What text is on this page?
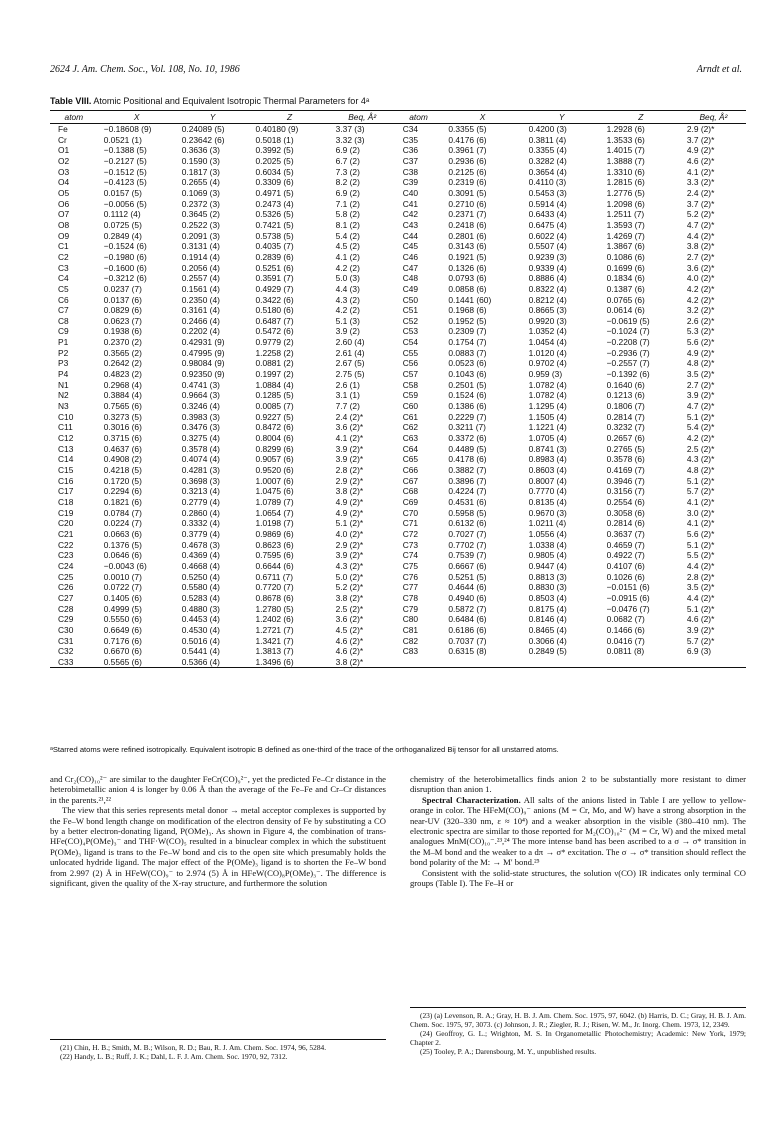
2624 J. Am. Chem. Soc., Vol. 108, No. 10, 1986	Arndt et al.
Table VIII. Atomic Positional and Equivalent Isotropic Thermal Parameters for 4ᵃ
atom	X	Y	Z	Beq, Å²	atom	X	Y	Z	Beq, Å²
Fe	−0.18608 (9)	0.24089 (5)	0.40180 (9)	3.37 (3)	C34	0.3355 (5)	0.4200 (3)	1.2928 (6)	2.9 (2)*
Cr	0.0521 (1)	0.23642 (6)	0.5018 (1)	3.32 (3)	C35	0.4176 (6)	0.3811 (4)	1.3533 (6)	3.7 (2)*
O1	−0.1388 (5)	0.3636 (3)	0.3992 (5)	6.9 (2)	C36	0.3961 (7)	0.3355 (4)	1.4015 (7)	4.9 (2)*
O2	−0.2127 (5)	0.1590 (3)	0.2025 (5)	6.7 (2)	C37	0.2936 (6)	0.3282 (4)	1.3888 (7)	4.6 (2)*
O3	−0.1512 (5)	0.1817 (3)	0.6034 (5)	7.3 (2)	C38	0.2125 (6)	0.3654 (4)	1.3310 (6)	4.1 (2)*
O4	−0.4123 (5)	0.2655 (4)	0.3309 (6)	8.2 (2)	C39	0.2319 (6)	0.4110 (3)	1.2815 (6)	3.3 (2)*
O5	0.0157 (5)	0.1069 (3)	0.4971 (5)	6.9 (2)	C40	0.3091 (5)	0.5453 (3)	1.2776 (5)	2.4 (2)*
O6	−0.0056 (5)	0.2372 (3)	0.2473 (4)	7.1 (2)	C41	0.2710 (6)	0.5914 (4)	1.2098 (6)	3.7 (2)*
O7	0.1112 (4)	0.3645 (2)	0.5326 (5)	5.8 (2)	C42	0.2371 (7)	0.6433 (4)	1.2511 (7)	5.2 (2)*
O8	0.0725 (5)	0.2522 (3)	0.7421 (5)	8.1 (2)	C43	0.2418 (6)	0.6475 (4)	1.3593 (7)	4.7 (2)*
O9	0.2849 (4)	0.2091 (3)	0.5738 (5)	5.4 (2)	C44	0.2801 (6)	0.6022 (4)	1.4269 (7)	4.4 (2)*
C1	−0.1524 (6)	0.3131 (4)	0.4035 (7)	4.5 (2)	C45	0.3143 (6)	0.5507 (4)	1.3867 (6)	3.8 (2)*
C2	−0.1980 (6)	0.1914 (4)	0.2839 (6)	4.1 (2)	C46	0.1921 (5)	0.9239 (3)	0.1086 (6)	2.7 (2)*
C3	−0.1600 (6)	0.2056 (4)	0.5251 (6)	4.2 (2)	C47	0.1326 (6)	0.9339 (4)	0.1699 (6)	3.6 (2)*
C4	−0.3212 (6)	0.2557 (4)	0.3591 (7)	5.0 (3)	C48	0.0793 (6)	0.8886 (4)	0.1834 (6)	4.0 (2)*
C5	0.0237 (7)	0.1561 (4)	0.4929 (7)	4.4 (3)	C49	0.0858 (6)	0.8322 (4)	0.1387 (6)	4.2 (2)*
C6	0.0137 (6)	0.2350 (4)	0.3422 (6)	4.3 (2)	C50	0.1441 (60)	0.8212 (4)	0.0765 (6)	4.2 (2)*
C7	0.0829 (6)	0.3161 (4)	0.5180 (6)	4.2 (2)	C51	0.1968 (6)	0.8665 (3)	0.0614 (6)	3.2 (2)*
C8	0.0623 (7)	0.2466 (4)	0.6487 (7)	5.1 (3)	C52	0.1952 (5)	0.9920 (3)	−0.0619 (5)	2.6 (2)*
C9	0.1938 (6)	0.2202 (4)	0.5472 (6)	3.9 (2)	C53	0.2309 (7)	1.0352 (4)	−0.1024 (7)	5.3 (2)*
P1	0.2370 (2)	0.42931 (9)	0.9779 (2)	2.60 (4)	C54	0.1754 (7)	1.0454 (4)	−0.2208 (7)	5.6 (2)*
P2	0.3565 (2)	0.47995 (9)	1.2258 (2)	2.61 (4)	C55	0.0883 (7)	1.0120 (4)	−0.2936 (7)	4.9 (2)*
P3	0.2642 (2)	0.98084 (9)	0.0881 (2)	2.67 (5)	C56	0.0523 (6)	0.9702 (4)	−0.2557 (7)	4.8 (2)*
P4	0.4823 (2)	0.92350 (9)	0.1997 (2)	2.75 (5)	C57	0.1043 (6)	0.959 (3)	−0.1392 (6)	3.5 (2)*
N1	0.2968 (4)	0.4741 (3)	1.0884 (4)	2.6 (1)	C58	0.2501 (5)	1.0782 (4)	0.1640 (6)	2.7 (2)*
N2	0.3884 (4)	0.9664 (3)	0.1285 (5)	3.1 (1)	C59	0.1524 (6)	1.0782 (4)	0.1213 (6)	3.9 (2)*
N3	0.7565 (6)	0.3246 (4)	0.0085 (7)	7.7 (2)	C60	0.1386 (6)	1.1295 (4)	0.1806 (7)	4.7 (2)*
C10	0.3273 (5)	0.3983 (3)	0.9227 (5)	2.4 (2)*	C61	0.2229 (7)	1.1505 (4)	0.2814 (7)	5.1 (2)*
C11	0.3016 (6)	0.3476 (3)	0.8472 (6)	3.6 (2)*	C62	0.3211 (7)	1.1221 (4)	0.3232 (7)	5.4 (2)*
C12	0.3715 (6)	0.3275 (4)	0.8004 (6)	4.1 (2)*	C63	0.3372 (6)	1.0705 (4)	0.2657 (6)	4.2 (2)*
C13	0.4637 (6)	0.3578 (4)	0.8299 (6)	3.9 (2)*	C64	0.4489 (5)	0.8741 (3)	0.2765 (5)	2.5 (2)*
C14	0.4908 (2)	0.4074 (4)	0.9057 (6)	3.9 (2)*	C65	0.4178 (6)	0.8983 (4)	0.3578 (6)	4.3 (2)*
C15	0.4218 (5)	0.4281 (3)	0.9520 (6)	2.8 (2)*	C66	0.3882 (7)	0.8603 (4)	0.4169 (7)	4.8 (2)*
C16	0.1720 (5)	0.3698 (3)	1.0007 (6)	2.9 (2)*	C67	0.3896 (7)	0.8007 (4)	0.3946 (7)	5.1 (2)*
C17	0.2294 (6)	0.3213 (4)	1.0475 (6)	3.8 (2)*	C68	0.4224 (7)	0.7770 (4)	0.3156 (7)	5.7 (2)*
C18	0.1821 (6)	0.2779 (4)	1.0789 (7)	4.9 (2)*	C69	0.4531 (6)	0.8135 (4)	0.2554 (6)	4.1 (2)*
C19	0.0784 (7)	0.2860 (4)	1.0654 (7)	4.9 (2)*	C70	0.5958 (5)	0.9670 (3)	0.3058 (6)	3.0 (2)*
C20	0.0224 (7)	0.3332 (4)	1.0198 (7)	5.1 (2)*	C71	0.6132 (6)	1.0211 (4)	0.2814 (6)	4.1 (2)*
C21	0.0663 (6)	0.3779 (4)	0.9869 (6)	4.0 (2)*	C72	0.7027 (7)	1.0556 (4)	0.3637 (7)	5.6 (2)*
C22	0.1376 (5)	0.4678 (3)	0.8623 (6)	2.9 (2)*	C73	0.7702 (7)	1.0338 (4)	0.4659 (7)	5.1 (2)*
C23	0.0646 (6)	0.4369 (4)	0.7595 (6)	3.9 (2)*	C74	0.7539 (7)	0.9805 (4)	0.4922 (7)	5.5 (2)*
C24	−0.0043 (6)	0.4668 (4)	0.6644 (6)	4.3 (2)*	C75	0.6667 (6)	0.9447 (4)	0.4107 (6)	4.4 (2)*
C25	0.0010 (7)	0.5250 (4)	0.6711 (7)	5.0 (2)*	C76	0.5251 (5)	0.8813 (3)	0.1026 (6)	2.8 (2)*
C26	0.0722 (7)	0.5580 (4)	0.7720 (7)	5.2 (2)*	C77	0.4644 (6)	0.8830 (3)	−0.0151 (6)	3.5 (2)*
C27	0.1405 (6)	0.5283 (4)	0.8678 (6)	3.8 (2)*	C78	0.4940 (6)	0.8503 (4)	−0.0915 (6)	4.4 (2)*
C28	0.4999 (5)	0.4880 (3)	1.2780 (5)	2.5 (2)*	C79	0.5872 (7)	0.8175 (4)	−0.0476 (7)	5.1 (2)*
C29	0.5550 (6)	0.4453 (4)	1.2402 (6)	3.6 (2)*	C80	0.6484 (6)	0.8146 (4)	0.0682 (7)	4.6 (2)*
C30	0.6649 (6)	0.4530 (4)	1.2721 (7)	4.5 (2)*	C81	0.6186 (6)	0.8465 (4)	0.1466 (6)	3.9 (2)*
C31	0.7176 (6)	0.5016 (4)	1.3421 (7)	4.6 (2)*	C82	0.7037 (7)	0.3066 (4)	0.0416 (7)	5.7 (2)*
C32	0.6670 (6)	0.5441 (4)	1.3813 (7)	4.6 (2)*	C83	0.6315 (8)	0.2849 (5)	0.0811 (8)	6.9 (3)
C33	0.5565 (6)	0.5366 (4)	1.3496 (6)	3.8 (2)*					
ᵃStarred atoms were refined isotropically. Equivalent isotropic B defined as one-third of the trace of the orthoganalized Bij tensor for all unstarred atoms.

and Cr₂(CO)₁₀²⁻ are similar to the daughter FeCr(CO)₉²⁻, yet the predicted Fe–Cr distance in the heterobimetallic anion 4 is longer by 0.06 Å than the average of the Fe–Fe and Cr–Cr distances in the parents.²¹,²²

The view that this series represents metal donor → metal acceptor complexes is supported by the Fe–W bond length change on modification of the electron density of Fe by substituting a CO by a better electron-donating ligand, P(OMe)₃. As shown in Figure 4, the combination of trans-HFe(CO)₄P(OMe)₃⁻ and THF·W(CO)₅ resulted in a binuclear complex in which the substituent P(OMe)₃ ligand is trans to the Fe–W bond and cis to the open site which presumably holds the unlocated hydride ligand. The major effect of the P(OMe)₃ ligand is to shorten the Fe–W bond from 2.997 (2) Å in HFeW(CO)₉⁻ to 2.974 (5) Å in HFeW(CO)₈P(OMe)₃⁻. The difference is significant, given the quality of the X-ray structure, and furthermore the solution

chemistry of the heterobimetallics finds anion 2 to be substantially more resistant to dimer disruption than anion 1.

Spectral Characterization. All salts of the anions listed in Table I are yellow to yellow-orange in color. The HFeM(CO)₉⁻ anions (M = Cr, Mo, and W) have a strong absorption in the near-UV (320–330 nm, ε ≈ 10⁴) and a weaker absorption in the visible (380–410 nm). The electronic spectra are similar to those reported for M₂(CO)₁₀²⁻ (M = Cr, W) and the mixed metal analogues MnM(CO)₁₀⁻.²³,²⁴ The more intense band has been ascribed to a σ → σ* transition in the M–M bond and the weaker to a dπ → σ* excitation. The σ → σ* transition should reflect the bond polarity of the M: → M′ bond.²⁵

Consistent with the solid-state structures, the solution ν(CO) IR indicates only terminal CO groups (Table I). The Fe–H or

(21) Chin, H. B.; Smith, M. B.; Wilson, R. D.; Bau, R. J. Am. Chem. Soc. 1974, 96, 5284.

(22) Handy, L. B.; Ruff, J. K.; Dahl, L. F. J. Am. Chem. Soc. 1970, 92, 7312.

(23) (a) Levenson, R. A.; Gray, H. B. J. Am. Chem. Soc. 1975, 97, 6042. (b) Harris, D. C.; Gray, H. B. J. Am. Chem. Soc. 1975, 97, 3073. (c) Johnson, J. R.; Ziegler, R. J.; Risen, W. M., Jr. Inorg. Chem. 1973, 12, 2349.

(24) Geoffroy, G. L.; Wrighton, M. S. In Organometallic Photochemistry; Academic: New York, 1979; Chapter 2.

(25) Tooley, P. A.; Darensbourg, M. Y., unpublished results.
